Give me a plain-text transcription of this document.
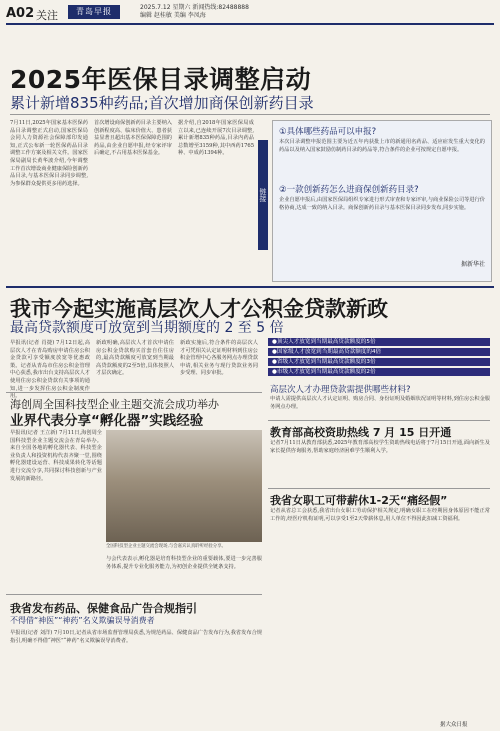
A02 关注	青岛早报	2025.7.12 星期六 新闻热线:82488888
编辑 赵桂敏 美编 李凤海
2025年医保目录调整启动
累计新增835种药品;首次增加商保创新药目录
7月11日,2025年国家基本医保药品目录调整正式启动,国家医保局会同人力资源社会保障部印发通知,正式公布新一轮医保药品目录调整工作方案及相关文件。国家医保局副局长黄华波介绍,今年调整工作首次增设商业健康保险创新药品目录,与基本医保目录同步调整,为参保群众提供更多用药选择。
首次增设商保创新药目录主要纳入创新程度高、临床价值大、患者获益显著且超出基本医保保障范围的药品,由企业自愿申报,经专家评审后确定,不占用基本医保基金。
据介绍,自2018年国家医保局成立以来,已连续开展7次目录调整,累计新增835种药品,目录内药品总数增至3159种,其中西药1765种、中成药1394种。
链接
①具体哪些药品可以申报?
本次目录调整申报范围主要为近五年内获批上市的新通用名药品、适应症发生重大变化的药品以及纳入国家鼓励仿制药目录的药品等,符合条件的企业可按规定自愿申报。
②一款创新药怎么进商保创新药目录?
企业自愿申报后,由国家医保局组织专家进行形式审查和专家评审,与商业保险公司等进行价格协商,达成一致的纳入目录。商保创新药目录与基本医保目录同步发布,同步实施。
据新华社
我市今起实施高层次人才公积金贷款新政
最高贷款额度可放宽到当期额度的 2 至 5 倍
早报讯(记者 肖捷) 7月12日起,高层次人才在青岛购房申请住房公积金贷款可享受额度放宽等优惠政策。记者从青岛市住房公积金管理中心获悉,我市出台支持高层次人才使用住房公积金贷款有关事项的通知,进一步发挥住房公积金制度作用。
新政明确,高层次人才首次申请住房公积金贷款购买首套自住住房的,最高贷款额度可放宽到当期最高贷款额度的2至5倍,具体按照人才层次确定。
新政实施后,符合条件的高层次人才可凭相关认定证明材料到住房公积金管理中心各服务网点办理贷款申请,相关业务与现行贷款业务同步受理、同步审批。
●顶尖人才放宽到当期最高贷款额度的5倍
●国家级人才放宽到当期最高贷款额度的4倍
●省级人才放宽到当期最高贷款额度的3倍
●市级人才放宽到当期最高贷款额度的2倍
高层次人才办理贷款需提供哪些材料?
申请人需提供高层次人才认定证明、购房合同、身份证明及婚姻状况证明等材料,到住房公积金服务网点办理。
海创周全国科技型企业主题交流会成功举办
业界代表分享“孵化器”实践经验
早报讯(记者 王立新) 7月11日,海创周全国科技型企业主题交流会在青岛举办。来自全国各地的孵化器代表、科技型企业负责人和投资机构代表齐聚一堂,围绕孵化器建设运营、科技成果转化等话题进行交流分享,共同探讨科技创新与产业发展的新路径。
全国科技型企业主题交流会现场,与会嘉宾认真聆听经验分享。
与会代表表示,孵化器是培育科技型企业的重要载体,要进一步完善服务体系,提升专业化服务能力,为初创企业提供全链条支持。
教育部高校资助热线 7 月 15 日开通
记者7月11日从教育部获悉,2025年教育部高校学生资助热线电话将于7月15日开通,面向新生及家长提供咨询服务,帮助家庭经济困难学生顺利入学。
我省女职工可带薪休1-2天“痛经假”
记者从省总工会获悉,我省出台女职工劳动保护相关规定,明确女职工在经期因身体原因不能正常工作的,经医疗机构证明,可以享受1至2天带薪休息,用人单位不得因此扣减工资福利。
据大众日报
我省发布药品、保健食品广告合规指引
不得借“神医”“神药”名义欺骗误导消费者
早报讯(记者 刘洋) 7月10日,记者从省市场监督管理局获悉,为规范药品、保健食品广告发布行为,我省发布合规指引,明确不得借“神医”“神药”名义欺骗误导消费者。
